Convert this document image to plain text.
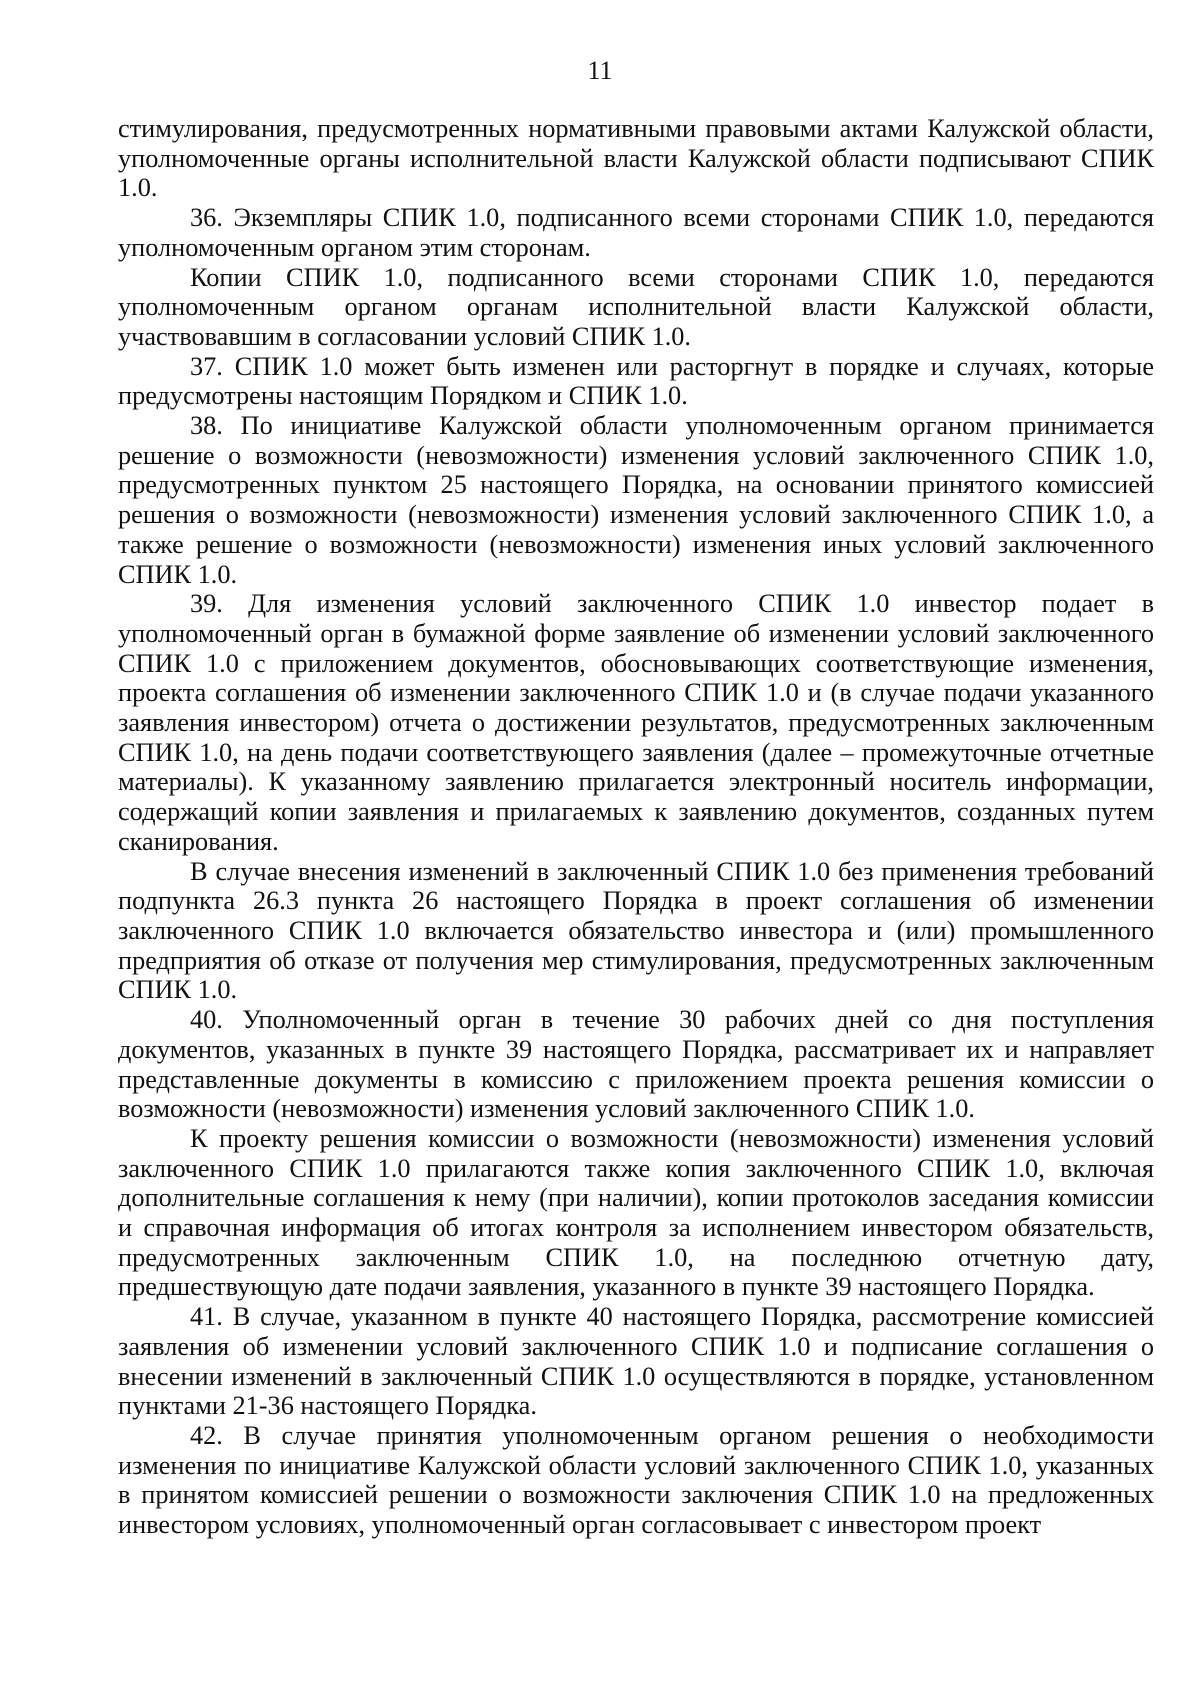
11

стимулирования, предусмотренных нормативными правовыми актами Калужской области, уполномоченные органы исполнительной власти Калужской области подписывают СПИК 1.0.

36. Экземпляры СПИК 1.0, подписанного всеми сторонами СПИК 1.0, передаются уполномоченным органом этим сторонам.

Копии СПИК 1.0, подписанного всеми сторонами СПИК 1.0, передаются уполномоченным органом органам исполнительной власти Калужской области, участвовавшим в согласовании условий СПИК 1.0.

37. СПИК 1.0 может быть изменен или расторгнут в порядке и случаях, которые предусмотрены настоящим Порядком и СПИК 1.0.

38. По инициативе Калужской области уполномоченным органом принимается решение о возможности (невозможности) изменения условий заключенного СПИК 1.0, предусмотренных пунктом 25 настоящего Порядка, на основании принятого комиссией решения о возможности (невозможности) изменения условий заключенного СПИК 1.0, а также решение о возможности (невозможности) изменения иных условий заключенного СПИК 1.0.

39. Для изменения условий заключенного СПИК 1.0 инвестор подает в уполномоченный орган в бумажной форме заявление об изменении условий заключенного СПИК 1.0 с приложением документов, обосновывающих соответствующие изменения, проекта соглашения об изменении заключенного СПИК 1.0 и (в случае подачи указанного заявления инвестором) отчета о достижении результатов, предусмотренных заключенным СПИК 1.0, на день подачи соответствующего заявления (далее – промежуточные отчетные материалы). К указанному заявлению прилагается электронный носитель информации, содержащий копии заявления и прилагаемых к заявлению документов, созданных путем сканирования.

В случае внесения изменений в заключенный СПИК 1.0 без применения требований подпункта 26.3 пункта 26 настоящего Порядка в проект соглашения об изменении заключенного СПИК 1.0 включается обязательство инвестора и (или) промышленного предприятия об отказе от получения мер стимулирования, предусмотренных заключенным СПИК 1.0.

40. Уполномоченный орган в течение 30 рабочих дней со дня поступления документов, указанных в пункте 39 настоящего Порядка, рассматривает их и направляет представленные документы в комиссию с приложением проекта решения комиссии о возможности (невозможности) изменения условий заключенного СПИК 1.0.

К проекту решения комиссии о возможности (невозможности) изменения условий заключенного СПИК 1.0 прилагаются также копия заключенного СПИК 1.0, включая дополнительные соглашения к нему (при наличии), копии протоколов заседания комиссии и справочная информация об итогах контроля за исполнением инвестором обязательств, предусмотренных заключенным СПИК 1.0, на последнюю отчетную дату, предшествующую дате подачи заявления, указанного в пункте 39 настоящего Порядка.

41. В случае, указанном в пункте 40 настоящего Порядка, рассмотрение комиссией заявления об изменении условий заключенного СПИК 1.0 и подписание соглашения о внесении изменений в заключенный СПИК 1.0 осуществляются в порядке, установленном пунктами 21-36 настоящего Порядка.

42. В случае принятия уполномоченным органом решения о необходимости изменения по инициативе Калужской области условий заключенного СПИК 1.0, указанных в принятом комиссией решении о возможности заключения СПИК 1.0 на предложенных инвестором условиях, уполномоченный орган согласовывает с инвестором проект
